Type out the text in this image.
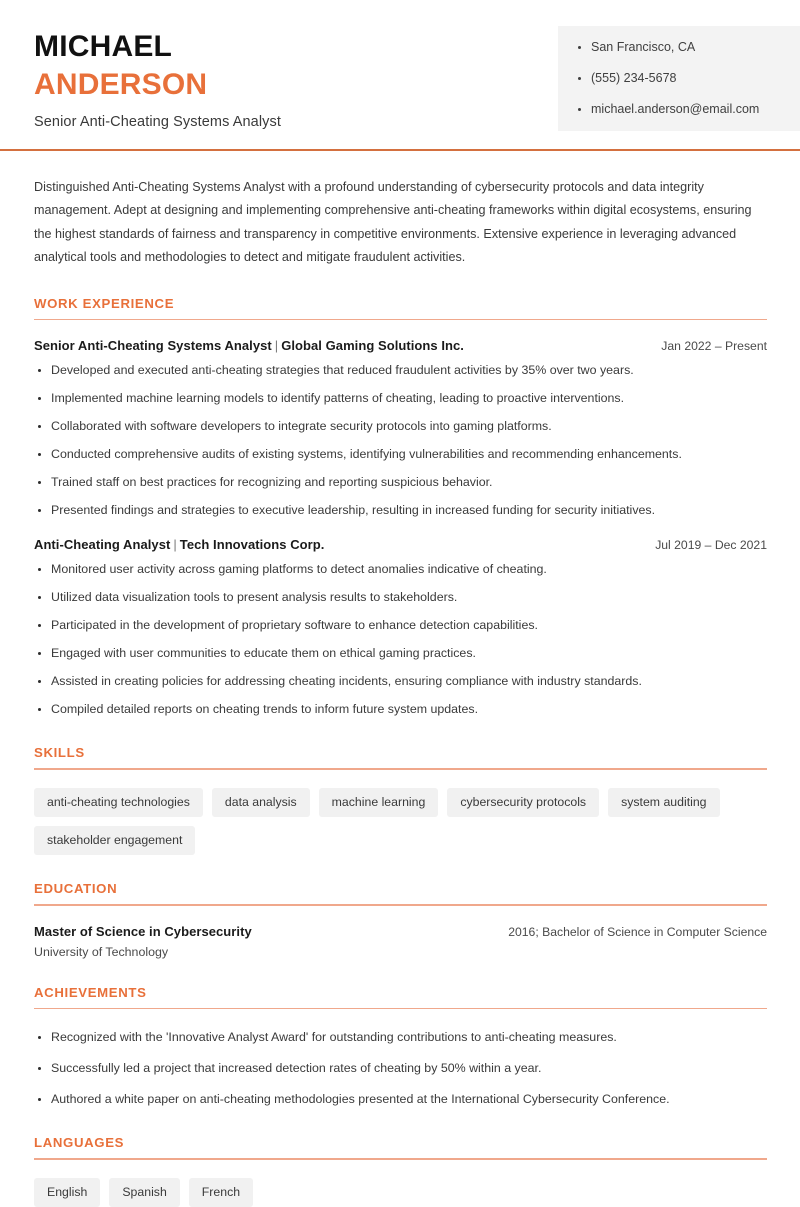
MICHAEL
ANDERSON
Senior Anti-Cheating Systems Analyst
San Francisco, CA
(555) 234-5678
michael.anderson@email.com

Distinguished Anti-Cheating Systems Analyst with a profound understanding of cybersecurity protocols and data integrity management. Adept at designing and implementing comprehensive anti-cheating frameworks within digital ecosystems, ensuring the highest standards of fairness and transparency in competitive environments. Extensive experience in leveraging advanced analytical tools and methodologies to detect and mitigate fraudulent activities.

WORK EXPERIENCE
Senior Anti-Cheating Systems Analyst | Global Gaming Solutions Inc.	Jan 2022 – Present
Developed and executed anti-cheating strategies that reduced fraudulent activities by 35% over two years.
Implemented machine learning models to identify patterns of cheating, leading to proactive interventions.
Collaborated with software developers to integrate security protocols into gaming platforms.
Conducted comprehensive audits of existing systems, identifying vulnerabilities and recommending enhancements.
Trained staff on best practices for recognizing and reporting suspicious behavior.
Presented findings and strategies to executive leadership, resulting in increased funding for security initiatives.
Anti-Cheating Analyst | Tech Innovations Corp.	Jul 2019 – Dec 2021
Monitored user activity across gaming platforms to detect anomalies indicative of cheating.
Utilized data visualization tools to present analysis results to stakeholders.
Participated in the development of proprietary software to enhance detection capabilities.
Engaged with user communities to educate them on ethical gaming practices.
Assisted in creating policies for addressing cheating incidents, ensuring compliance with industry standards.
Compiled detailed reports on cheating trends to inform future system updates.
SKILLS
anti-cheating technologies	data analysis	machine learning	cybersecurity protocols	system auditing
stakeholder engagement
EDUCATION
Master of Science in Cybersecurity	2016; Bachelor of Science in Computer Science
University of Technology
ACHIEVEMENTS
Recognized with the 'Innovative Analyst Award' for outstanding contributions to anti-cheating measures.
Successfully led a project that increased detection rates of cheating by 50% within a year.
Authored a white paper on anti-cheating methodologies presented at the International Cybersecurity Conference.
LANGUAGES
English	Spanish	French
